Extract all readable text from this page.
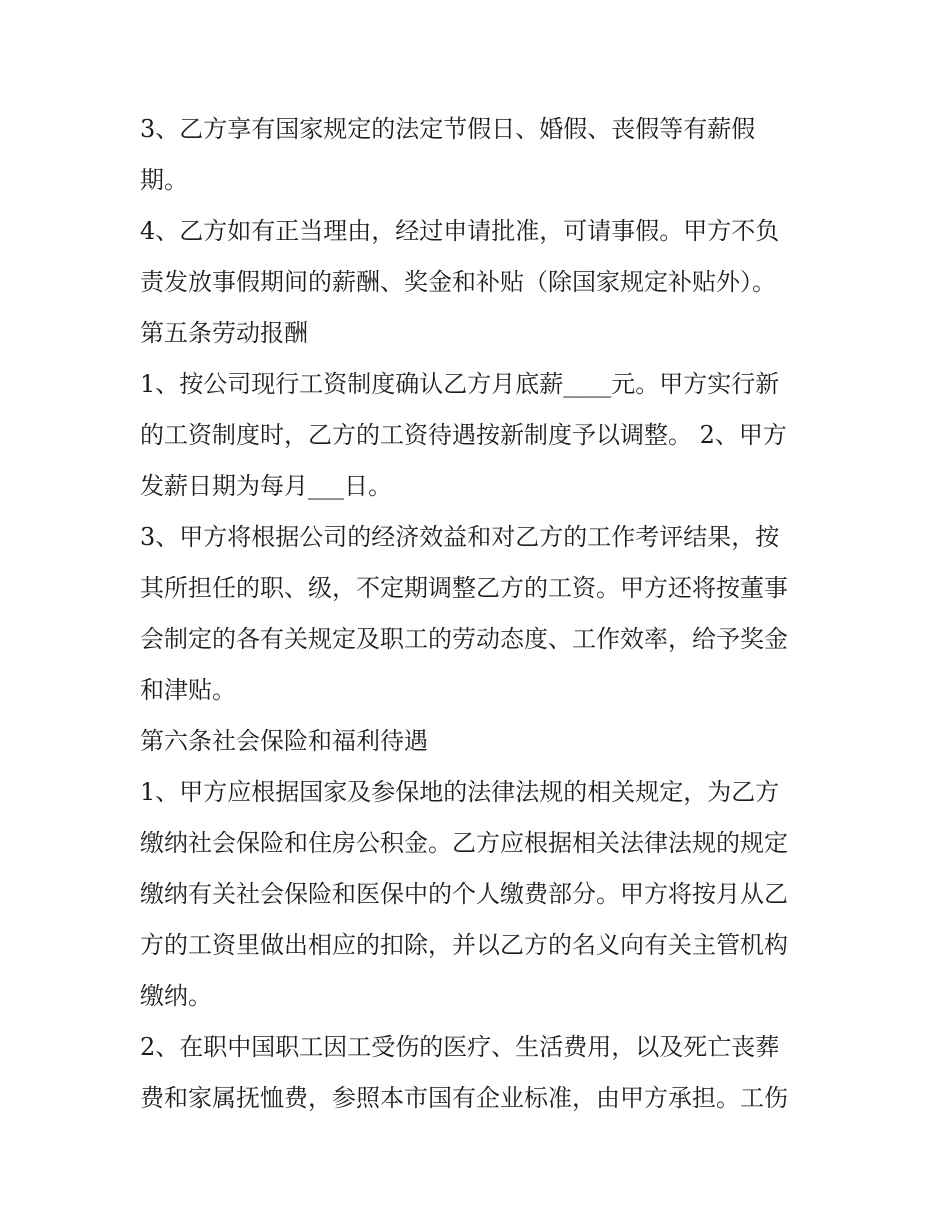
3、乙方享有国家规定的法定节假日、婚假、丧假等有薪假
期。

4、乙方如有正当理由，经过申请批准，可请事假。甲方不负
责发放事假期间的薪酬、奖金和补贴（除国家规定补贴外）。

第五条劳动报酬

1、按公司现行工资制度确认乙方月底薪____元。甲方实行新
的工资制度时，乙方的工资待遇按新制度予以调整。 2、甲方
发薪日期为每月___日。

3、甲方将根据公司的经济效益和对乙方的工作考评结果，按
其所担任的职、级，不定期调整乙方的工资。甲方还将按董事
会制定的各有关规定及职工的劳动态度、工作效率，给予奖金
和津贴。

第六条社会保险和福利待遇

1、甲方应根据国家及参保地的法律法规的相关规定，为乙方
缴纳社会保险和住房公积金。乙方应根据相关法律法规的规定
缴纳有关社会保险和医保中的个人缴费部分。甲方将按月从乙
方的工资里做出相应的扣除，并以乙方的名义向有关主管机构
缴纳。

2、在职中国职工因工受伤的医疗、生活费用，以及死亡丧葬
费和家属抚恤费，参照本市国有企业标准，由甲方承担。工伤
